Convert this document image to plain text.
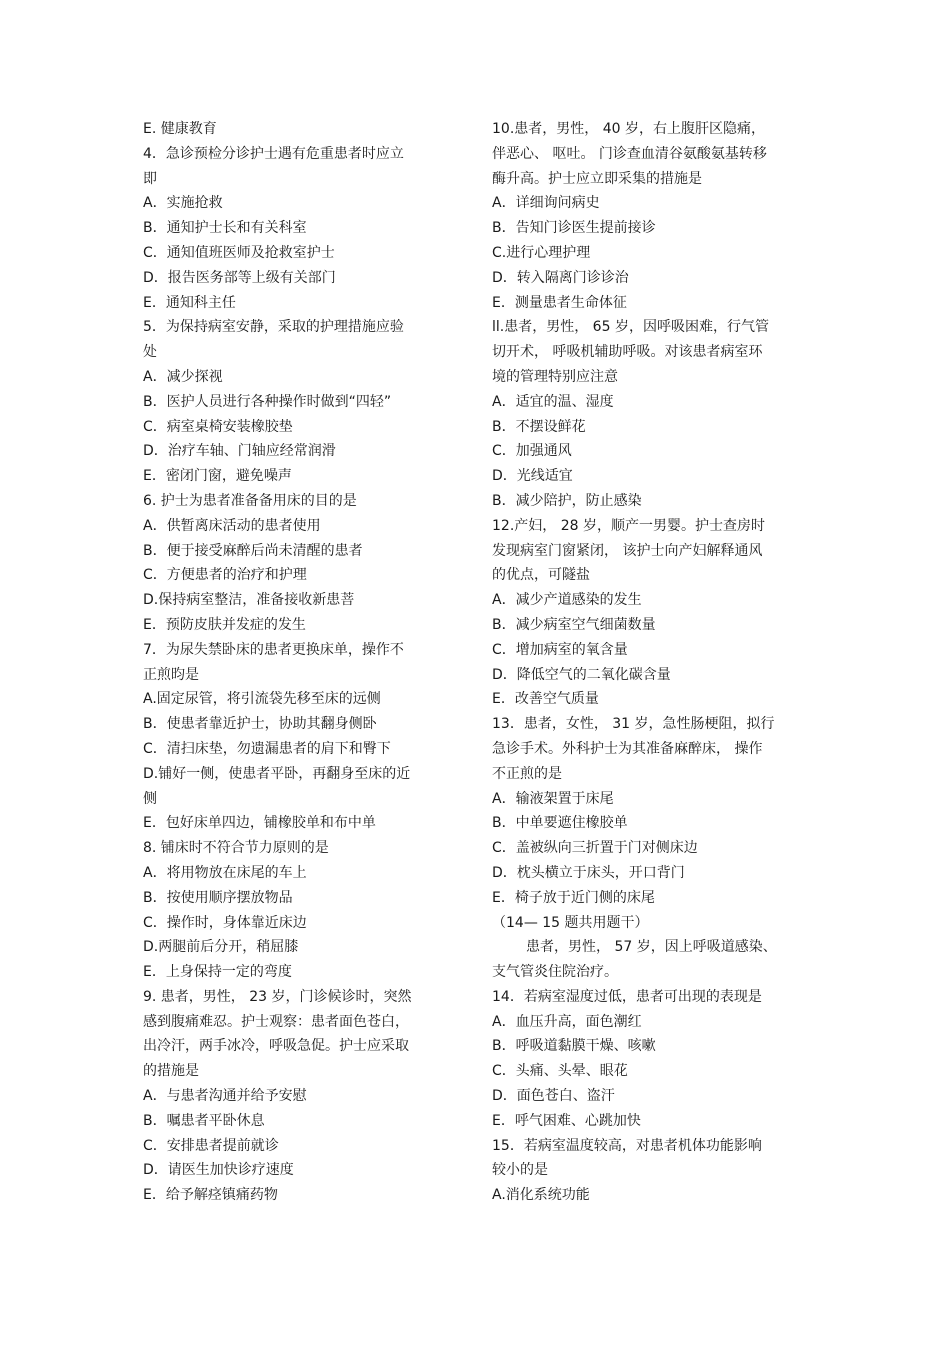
E. 健康教育
4．急诊预检分诊护士遇有危重患者时应立
即
A．实施抢救
B．通知护士长和有关科室
C．通知值班医师及抢救室护士
D．报告医务部等上级有关部门
E．通知科主任
5．为保持病室安静，采取的护理措施应验
处
A．减少探视
B．医护人员进行各种操作时做到“四轻”
C．病室桌椅安装橡胶垫
D．治疗车轴、门轴应经常润滑
E．密闭门窗，避免噪声
6. 护士为患者准备备用床的目的是
A．供暂离床活动的患者使用
B．便于接受麻醉后尚未清醒的患者
C．方便患者的治疗和护理
D.保持病室整洁，准备接收新患菩
E．预防皮肤并发症的发生
7．为尿失禁卧床的患者更换床单，操作不
正煎昀是
A.固定尿管，将引流袋先移至床的远侧
B．使患者靠近护士，协助其翻身侧卧
C．清扫床垫，勿遗漏患者的肩下和臀下
D.铺好一侧，使患者平卧，再翻身至床的近
侧
E．包好床单四边，铺橡胶单和布中单
8. 铺床时不符合节力原则的是
A．将用物放在床尾的车上
B．按使用顺序摆放物品
C．操作时，身体靠近床边
D.两腿前后分开，稍屈膝
E．上身保持一定的弯度
9. 患者，男性， 23 岁，门诊候诊时，突然
感到腹痛难忍。护士观察：患者面色苍白，
出冷汗，两手冰冷，呼吸急促。护士应采取
的措施是
A．与患者沟通并给予安慰
B．嘱患者平卧休息
C．安排患者提前就诊
D．请医生加快诊疗速度
E．给予解痉镇痛药物
10.患者，男性， 40 岁，右上腹肝区隐痛，
伴恶心、 呕吐。 门诊查血清谷氨酸氨基转移
酶升高。护士应立即采集的措施是
A．详细询问病史
B．告知门诊医生提前接诊
C.进行心理护理
D．转入隔离门诊诊治
E．测量患者生命体征
ll.患者，男性， 65 岁，因呼吸困难，行气管
切开术， 呼吸机辅助呼吸。对该患者病室环
境的管理特别应注意
A．适宜的温、湿度
B．不摆设鲜花
C．加强通风
D．光线适宜
B．减少陪护，防止感染
12.产妇， 28 岁，顺产一男婴。护士查房时
发现病室门窗紧闭， 该护士向产妇解释通风
的优点，可隧盐
A．减少产道感染的发生
B．减少病室空气细菌数量
C．增加病室的氧含量
D．降低空气的二氧化碳含量
E．改善空气质量
13．患者，女性， 31 岁，急性肠梗阻，拟行
急诊手术。外科护士为其准备麻醉床， 操作
不正煎的是
A．输液架置于床尾
B．中单要遮住橡胶单
C．盖被纵向三折置于门对侧床边
D．枕头横立于床头，开口背门
E．椅子放于近门侧的床尾
（14— 15 题共用题干）
患者，男性， 57 岁，因上呼吸道感染、
支气管炎住院治疗。
14．若病室湿度过低，患者可出现的表现是
A．血压升高，面色潮红
B．呼吸道黏膜干燥、咳嗽
C．头痛、头晕、眼花
D．面色苍白、盗汗
E．呼气困难、心跳加快
15．若病室温度较高，对患者机体功能影响
较小的是
A.消化系统功能
